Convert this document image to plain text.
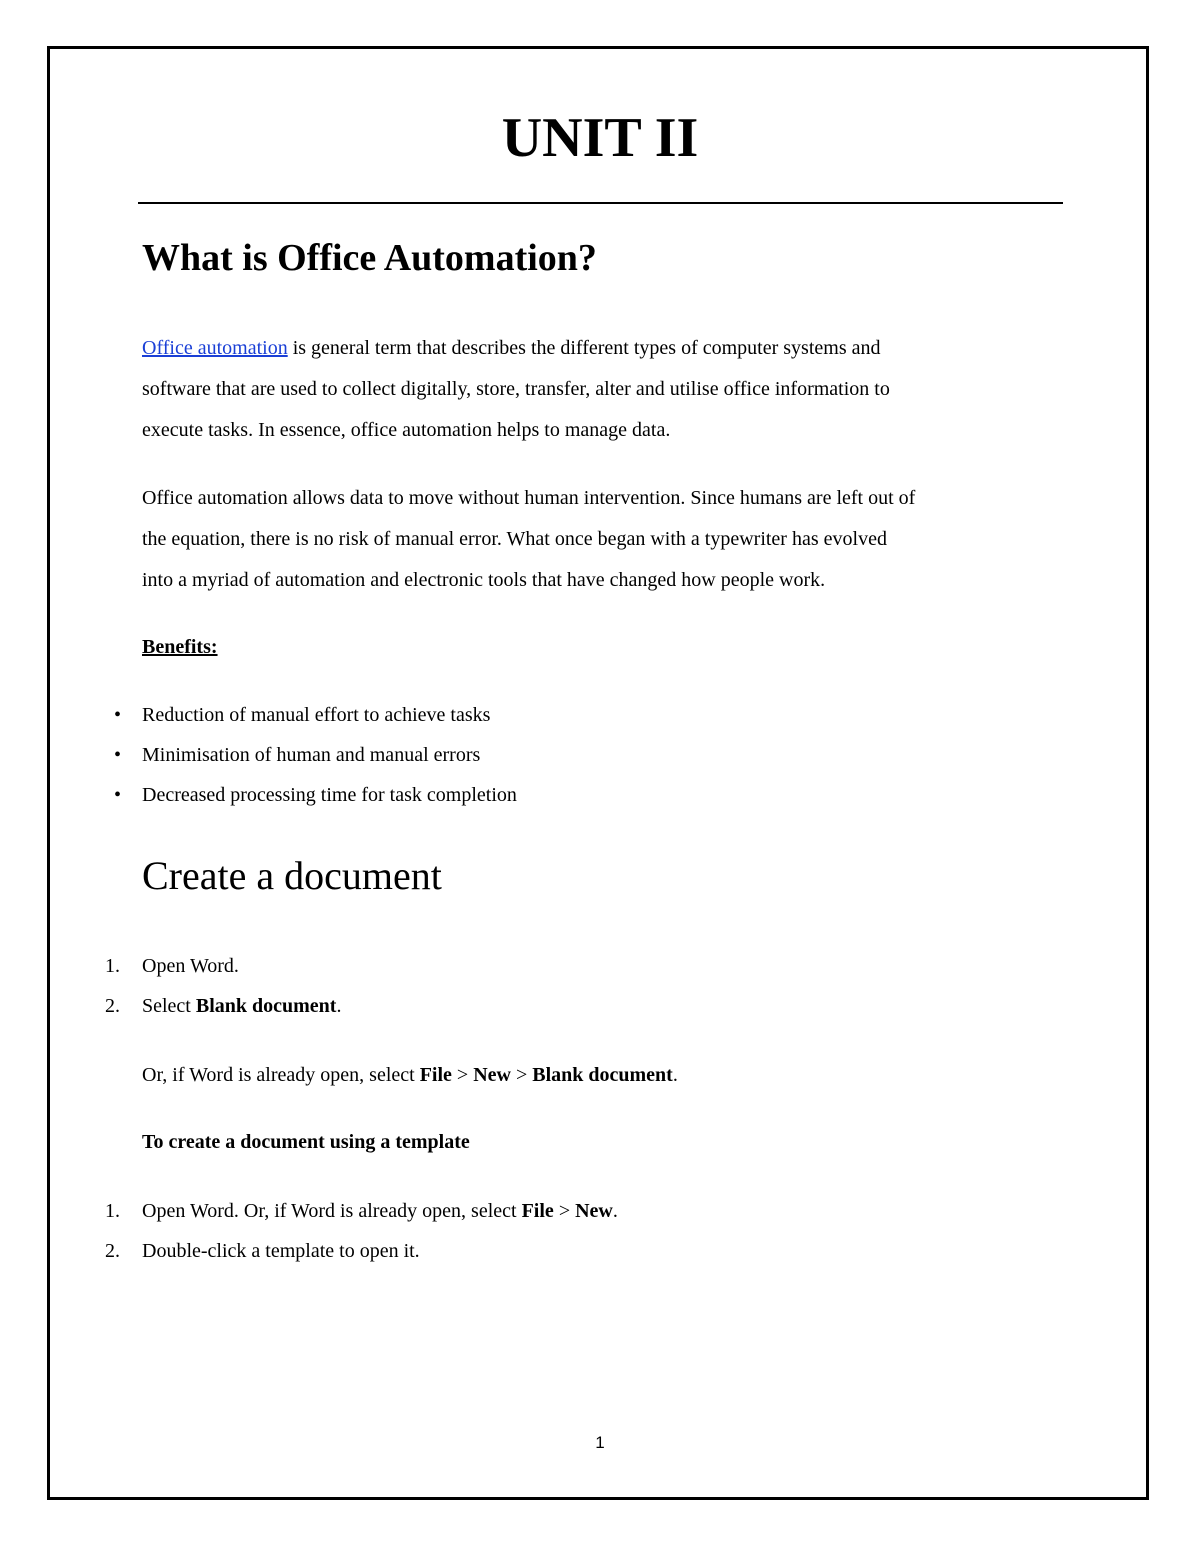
UNIT II
What is Office Automation?

Office automation is general term that describes the different types of computer systems and
software that are used to collect digitally, store, transfer, alter and utilise office information to
execute tasks. In essence, office automation helps to manage data.

Office automation allows data to move without human intervention. Since humans are left out of
the equation, there is no risk of manual error. What once began with a typewriter has evolved
into a myriad of automation and electronic tools that have changed how people work.

Benefits:

• Reduction of manual effort to achieve tasks
• Minimisation of human and manual errors
• Decreased processing time for task completion
Create a document
1. Open Word.
2. Select Blank document.

Or, if Word is already open, select File > New > Blank document.

To create a document using a template

1. Open Word. Or, if Word is already open, select File > New.
2. Double-click a template to open it.
1
